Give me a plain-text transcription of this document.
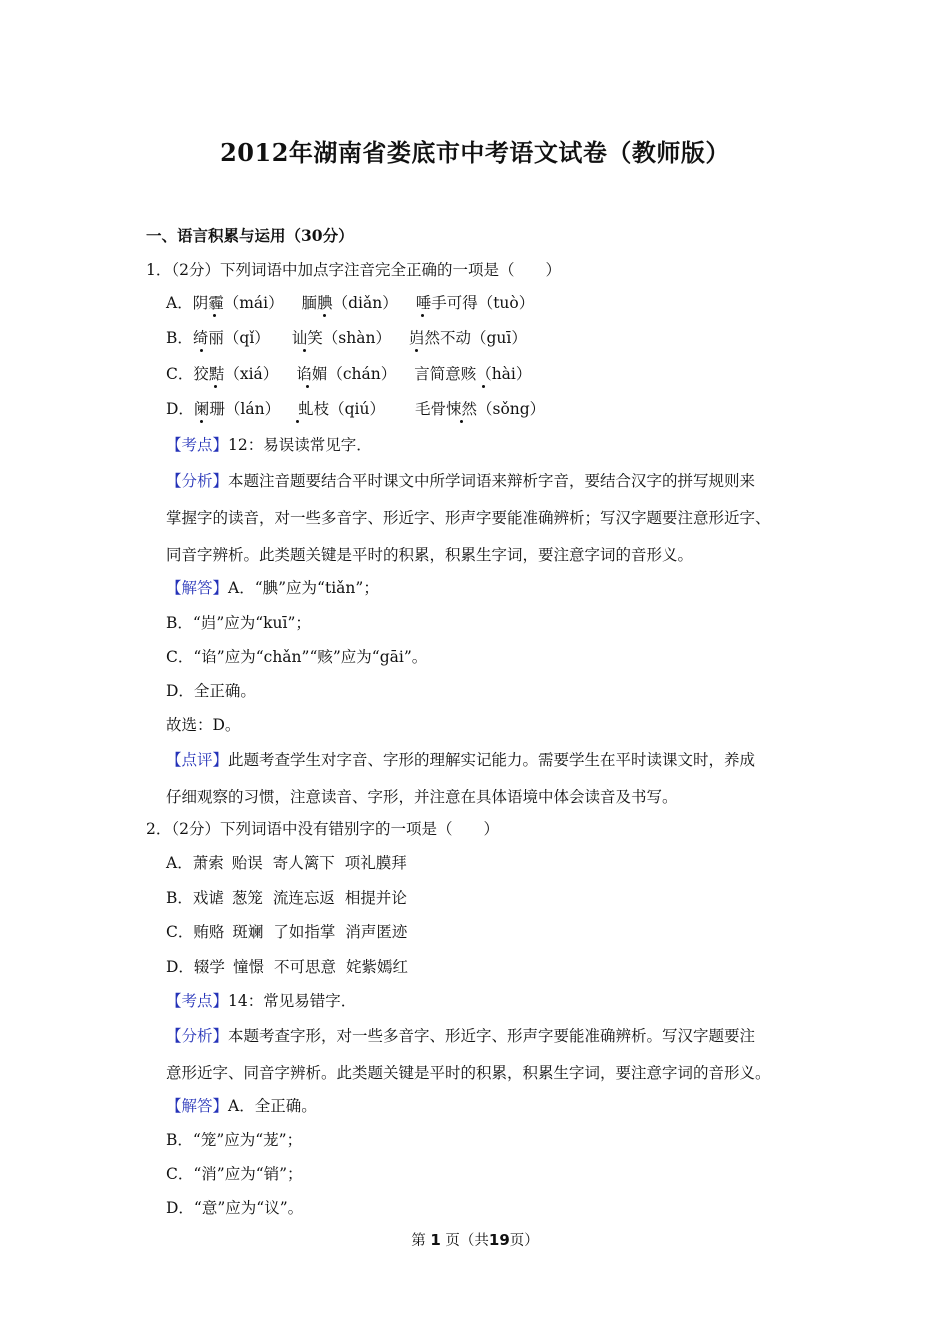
2012年湖南省娄底市中考语文试卷（教师版）
一、语言积累与运用（30分）
1．（2分）下列词语中加点字注音完全正确的一项是（　　）
A．阴霾（mái） 腼腆（diǎn） 唾手可得（tuò）
B．绮丽（qǐ） 讪笑（shàn） 岿然不动（guī）
C．狡黠（xiá） 谄媚（chán） 言简意赅（hài）
D．阑珊（lán） 虬枝（qiú） 毛骨悚然（sǒng）
【考点】12：易误读常见字．
【分析】本题注音题要结合平时课文中所学词语来辩析字音，要结合汉字的拼写规则来
掌握字的读音，对一些多音字、形近字、形声字要能准确辨析；写汉字题要注意形近字、
同音字辨析。此类题关键是平时的积累，积累生字词，要注意字词的音形义。
【解答】A．“腆”应为“tiǎn”；
B．“岿”应为“kuī”；
C．“谄”应为“chǎn”“赅”应为“gāi”。
D．全正确。
故选：D。
【点评】此题考查学生对字音、字形的理解实记能力。需要学生在平时读课文时，养成
仔细观察的习惯，注意读音、字形，并注意在具体语境中体会读音及书写。
2．（2分）下列词语中没有错别字的一项是（　　）
A．萧索 贻误 寄人篱下 项礼膜拜
B．戏谑 葱笼 流连忘返 相提并论
C．贿赂 斑斓 了如指掌 消声匿迹
D．辍学 憧憬 不可思意 姹紫嫣红
【考点】14：常见易错字．
【分析】本题考查字形，对一些多音字、形近字、形声字要能准确辨析。写汉字题要注
意形近字、同音字辨析。此类题关键是平时的积累，积累生字词，要注意字词的音形义。
【解答】A．全正确。
B．“笼”应为“茏”；
C．“消”应为“销”；
D．“意”应为“议”。
第 1 页（共19页）
